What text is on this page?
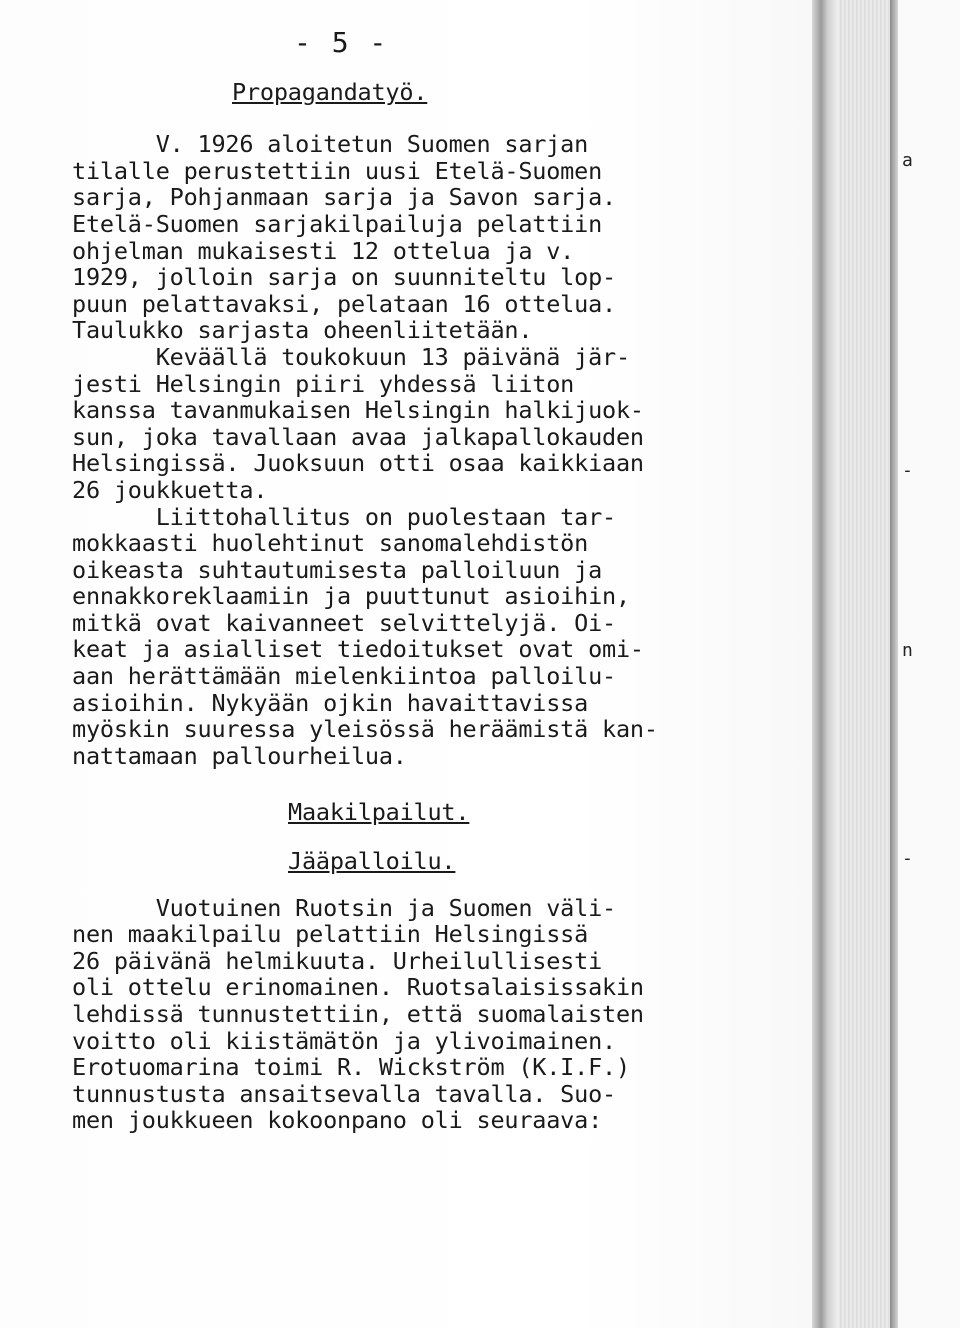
a
-
n
-
- 5 -
Propagandatyö.
V. 1926 aloitetun Suomen sarjan
tilalle perustettiin uusi Etelä-Suomen
sarja, Pohjanmaan sarja ja Savon sarja.
Etelä-Suomen sarjakilpailuja pelattiin
ohjelman mukaisesti 12 ottelua ja v.
1929, jolloin sarja on suunniteltu lop-
puun pelattavaksi, pelataan 16 ottelua.
Taulukko sarjasta oheenliitetään.
Keväällä toukokuun 13 päivänä jär-
jesti Helsingin piiri yhdessä liiton
kanssa tavanmukaisen Helsingin halkijuok-
sun, joka tavallaan avaa jalkapallokauden
Helsingissä. Juoksuun otti osaa kaikkiaan
26 joukkuetta.
Liittohallitus on puolestaan tar-
mokkaasti huolehtinut sanomalehdistön
oikeasta suhtautumisesta palloiluun ja
ennakkoreklaamiin ja puuttunut asioihin,
mitkä ovat kaivanneet selvittelyjä. Oi-
keat ja asialliset tiedoitukset ovat omi-
aan herättämään mielenkiintoa palloilu-
asioihin. Nykyään ojkin havaittavissa
myöskin suuressa yleisössä heräämistä kan-
nattamaan pallourheilua.
Maakilpailut.
Jääpalloilu.
Vuotuinen Ruotsin ja Suomen väli-
nen maakilpailu pelattiin Helsingissä
26 päivänä helmikuuta. Urheilullisesti
oli ottelu erinomainen. Ruotsalaisissakin
lehdissä tunnustettiin, että suomalaisten
voitto oli kiistämätön ja ylivoimainen.
Erotuomarina toimi R. Wickström (K.I.F.)
tunnustusta ansaitsevalla tavalla. Suo-
men joukkueen kokoonpano oli seuraava:
